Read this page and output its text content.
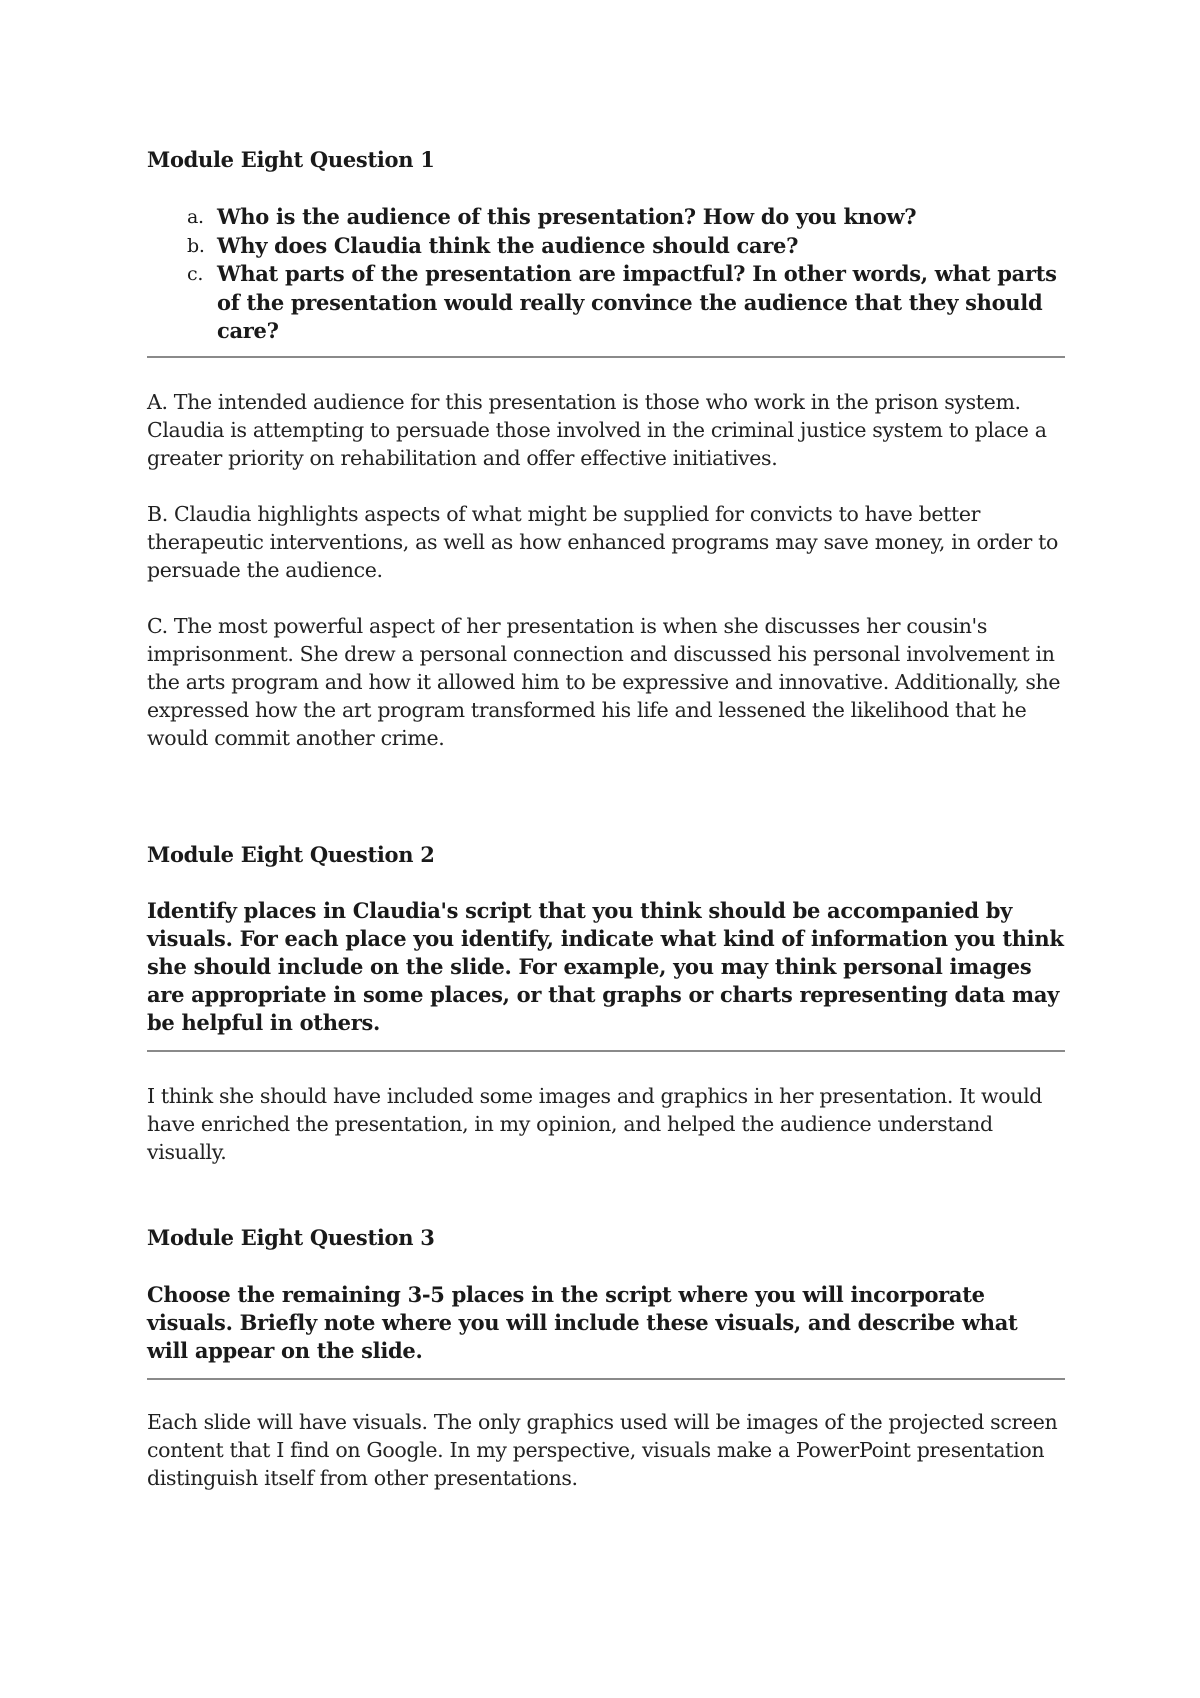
Module Eight Question 1
a. Who is the audience of this presentation? How do you know?
b. Why does Claudia think the audience should care?
c. What parts of the presentation are impactful? In other words, what parts of the presentation would really convince the audience that they should care?

A. The intended audience for this presentation is those who work in the prison system. Claudia is attempting to persuade those involved in the criminal justice system to place a greater priority on rehabilitation and offer effective initiatives.

B. Claudia highlights aspects of what might be supplied for convicts to have better therapeutic interventions, as well as how enhanced programs may save money, in order to persuade the audience.

C. The most powerful aspect of her presentation is when she discusses her cousin's imprisonment. She drew a personal connection and discussed his personal involvement in the arts program and how it allowed him to be expressive and innovative. Additionally, she expressed how the art program transformed his life and lessened the likelihood that he would commit another crime.

Module Eight Question 2
Identify places in Claudia's script that you think should be accompanied by visuals. For each place you identify, indicate what kind of information you think she should include on the slide. For example, you may think personal images are appropriate in some places, or that graphs or charts representing data may be helpful in others.
I think she should have included some images and graphics in her presentation. It would have enriched the presentation, in my opinion, and helped the audience understand visually.
Module Eight Question 3
Choose the remaining 3-5 places in the script where you will incorporate visuals. Briefly note where you will include these visuals, and describe what will appear on the slide.
Each slide will have visuals. The only graphics used will be images of the projected screen content that I find on Google. In my perspective, visuals make a PowerPoint presentation distinguish itself from other presentations.
